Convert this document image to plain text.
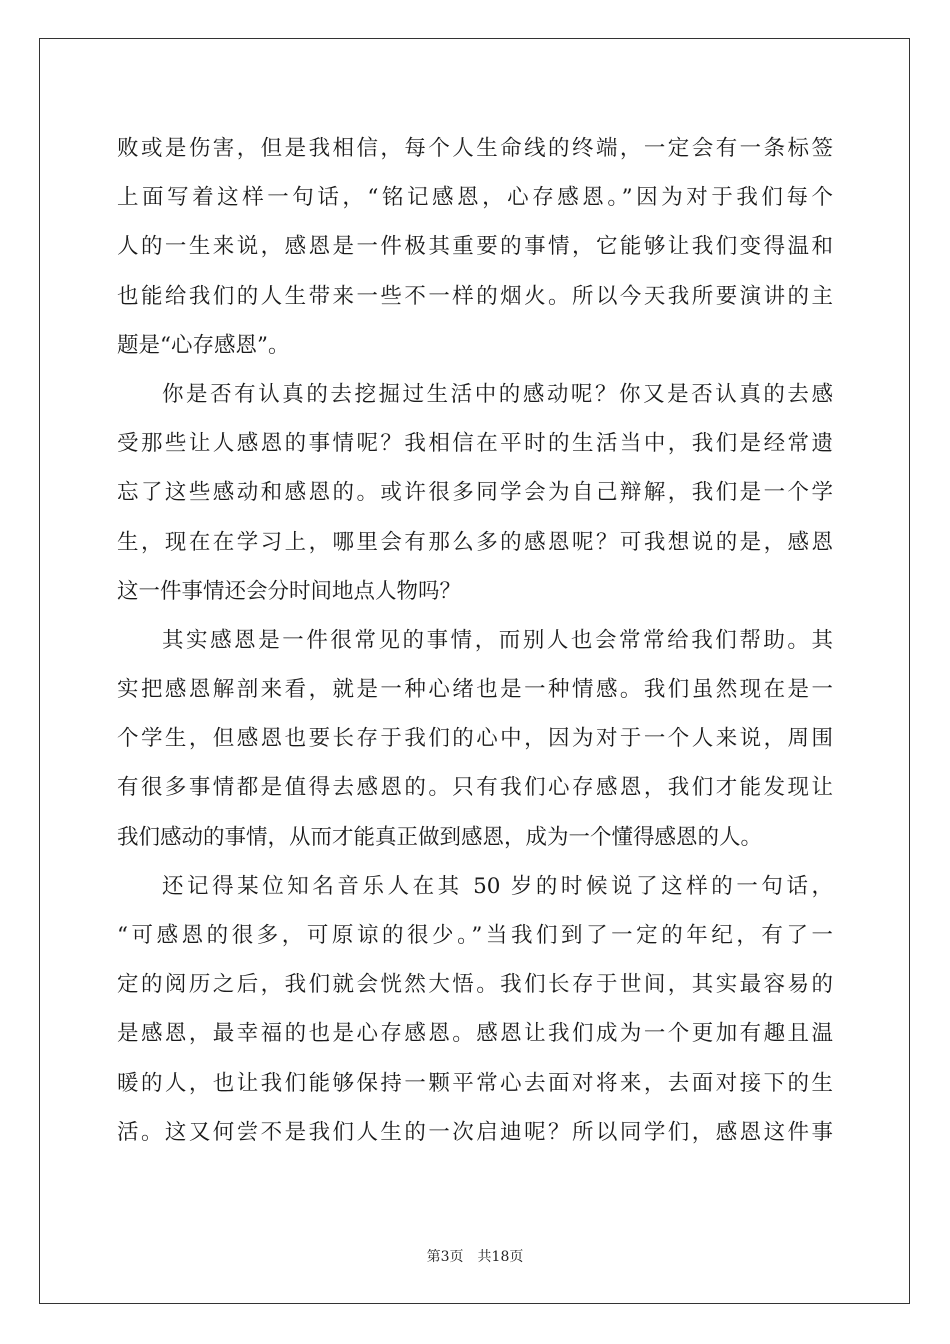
败或是伤害，但是我相信，每个人生命线的终端，一定会有一条标签
上面写着这样一句话，“铭记感恩，心存感恩。”因为对于我们每个
人的一生来说，感恩是一件极其重要的事情，它能够让我们变得温和
也能给我们的人生带来一些不一样的烟火。所以今天我所要演讲的主
题是“心存感恩”。
你是否有认真的去挖掘过生活中的感动呢？你又是否认真的去感
受那些让人感恩的事情呢？我相信在平时的生活当中，我们是经常遗
忘了这些感动和感恩的。或许很多同学会为自己辩解，我们是一个学
生，现在在学习上，哪里会有那么多的感恩呢？可我想说的是，感恩
这一件事情还会分时间地点人物吗？
其实感恩是一件很常见的事情，而别人也会常常给我们帮助。其
实把感恩解剖来看，就是一种心绪也是一种情感。我们虽然现在是一
个学生，但感恩也要长存于我们的心中，因为对于一个人来说，周围
有很多事情都是值得去感恩的。只有我们心存感恩，我们才能发现让
我们感动的事情，从而才能真正做到感恩，成为一个懂得感恩的人。
还记得某位知名音乐人在其 50 岁的时候说了这样的一句话，
“可感恩的很多，可原谅的很少。”当我们到了一定的年纪，有了一
定的阅历之后，我们就会恍然大悟。我们长存于世间，其实最容易的
是感恩，最幸福的也是心存感恩。感恩让我们成为一个更加有趣且温
暖的人，也让我们能够保持一颗平常心去面对将来，去面对接下的生
活。这又何尝不是我们人生的一次启迪呢？所以同学们，感恩这件事
第3页 共18页
